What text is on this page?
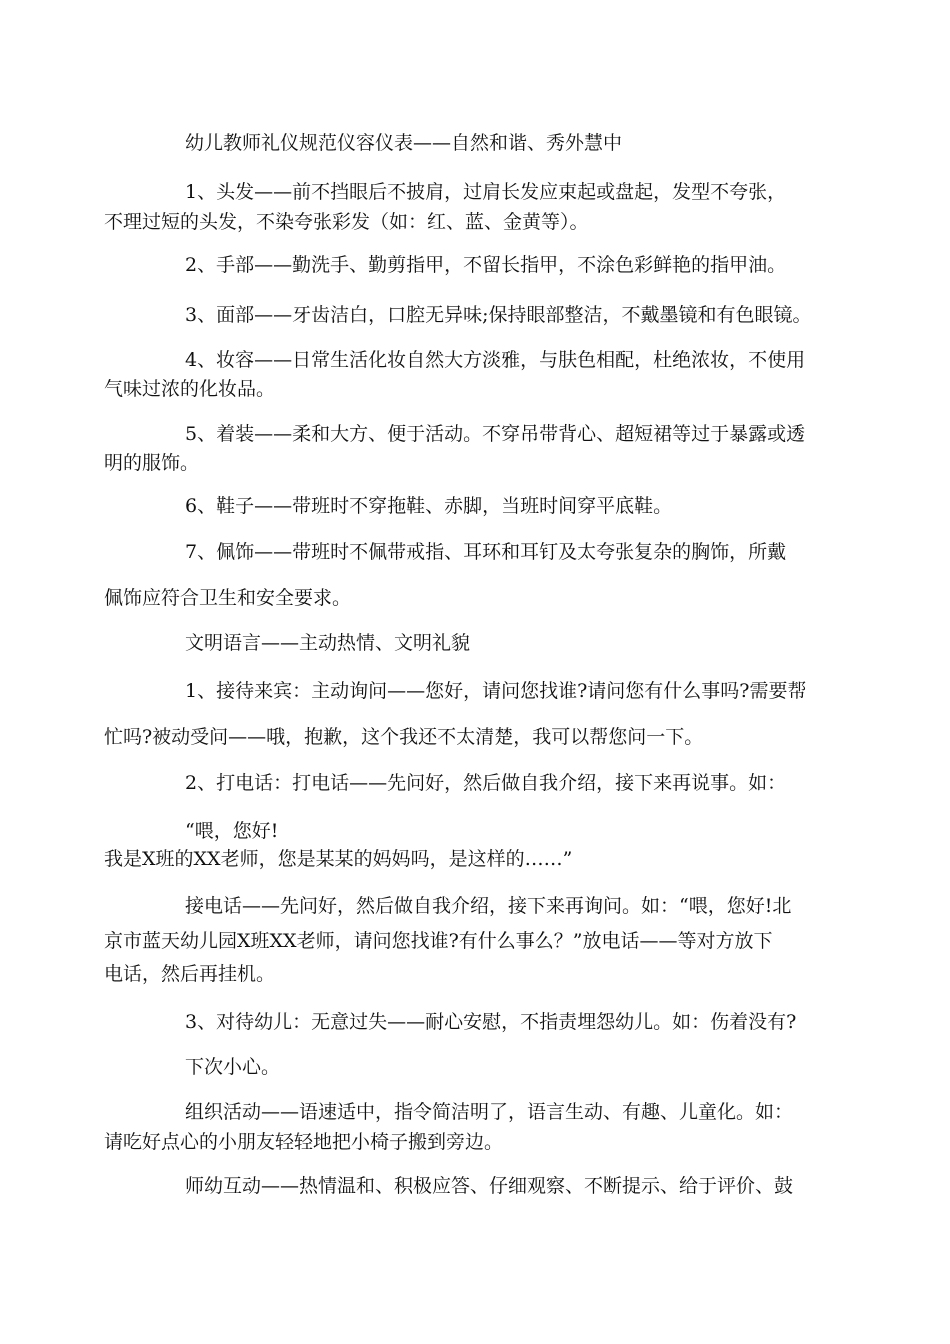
幼儿教师礼仪规范仪容仪表——自然和谐、秀外慧中
1、头发——前不挡眼后不披肩，过肩长发应束起或盘起，发型不夸张，
不理过短的头发，不染夸张彩发（如：红、蓝、金黄等）。
2、手部——勤洗手、勤剪指甲，不留长指甲，不涂色彩鲜艳的指甲油。
3、面部——牙齿洁白，口腔无异味;保持眼部整洁，不戴墨镜和有色眼镜。
4、妆容——日常生活化妆自然大方淡雅，与肤色相配，杜绝浓妆，不使用
气味过浓的化妆品。
5、着装——柔和大方、便于活动。不穿吊带背心、超短裙等过于暴露或透
明的服饰。
6、鞋子——带班时不穿拖鞋、赤脚，当班时间穿平底鞋。
7、佩饰——带班时不佩带戒指、耳环和耳钉及太夸张复杂的胸饰，所戴
佩饰应符合卫生和安全要求。
文明语言——主动热情、文明礼貌
1、接待来宾：主动询问——您好，请问您找谁?请问您有什么事吗?需要帮
忙吗?被动受问——哦，抱歉，这个我还不太清楚，我可以帮您问一下。
2、打电话：打电话——先问好，然后做自我介绍，接下来再说事。如：
“喂，您好!
我是X班的XX老师，您是某某的妈妈吗，是这样的……”
接电话——先问好，然后做自我介绍，接下来再询问。如：“喂，您好!北
京市蓝天幼儿园X班XX老师，请问您找谁?有什么事么？”放电话——等对方放下
电话，然后再挂机。
3、对待幼儿：无意过失——耐心安慰，不指责埋怨幼儿。如：伤着没有?
下次小心。
组织活动——语速适中，指令简洁明了，语言生动、有趣、儿童化。如：
请吃好点心的小朋友轻轻地把小椅子搬到旁边。
师幼互动——热情温和、积极应答、仔细观察、不断提示、给于评价、鼓
